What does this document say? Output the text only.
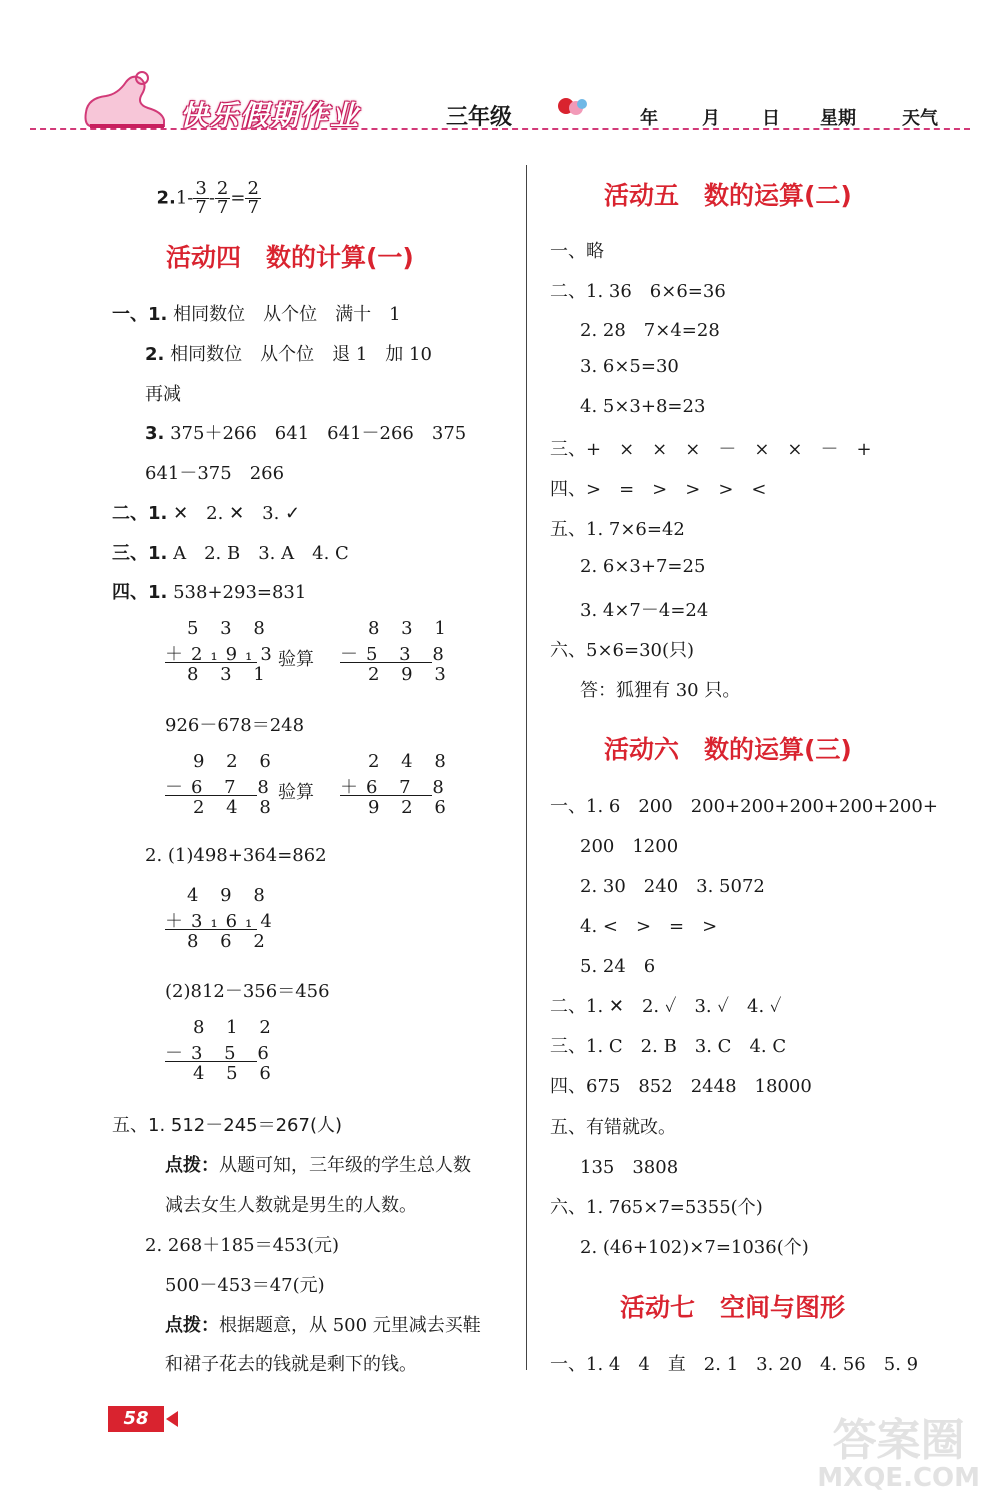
快乐假期作业	三年级	年 月 日 星期	天气

$2.1- \frac{3}{7} - \frac{2}{7} = \frac{2}{7}$

活动四　数的计算(一)
一、1. 相同数位　从个位　满十　1
2. 相同数位　从个位　退 1　加 10
再减
3. 375＋266　641　641－266　375
641－375　266
二、1. ✕　2. ✕　3. ✓
三、1. A　2. B　3. A　4. C
四、1. 538+293=831
5 3 8
＋2₁9₁3
8 3 1
验算
8 3 1
－5 3 8
2 9 3
926－678＝248
9 2 6
－6 7 8
2 4 8
验算
2 4 8
＋6 7 8
9 2 6
2. (1)498+364=862
4 9 8
＋3₁6₁4
8 6 2
(2)812－356＝456
8 1 2
－3 5 6
4 5 6
五、1. 512－245＝267(人)
点拨：从题可知，三年级的学生总人数
减去女生人数就是男生的人数。
2. 268＋185＝453(元)
500－453＝47(元)
点拨：根据题意，从 500 元里减去买鞋
和裙子花去的钱就是剩下的钱。
活动五　数的运算(二)
一、略
二、1. 36　6×6=36
2. 28　7×4=28
3. 6×5=30
4. 5×3+8=23
三、+　×　×　×　－　×　×　－　+
四、>　=　>　>　>　<
五、1. 7×6=42
2. 6×3+7=25
3. 4×7－4=24
六、5×6=30(只)
答：狐狸有 30 只。
活动六　数的运算(三)
一、1. 6　200　200+200+200+200+200+
200　1200
2. 30　240　3. 5072
4. <　>　=　>
5. 24　6
二、1. ✕　2. ✓　3. ✓　4. ✓
三、1. C　2. B　3. C　4. C
四、675　852　2448　18000
五、有错就改。
135　3808
六、1. 765×7=5355(个)
2. (46+102)×7=1036(个)
活动七　空间与图形
一、1. 4　4　直　2. 1　3. 20　4. 56　5. 9
58	答案圈
MXQE.COM
